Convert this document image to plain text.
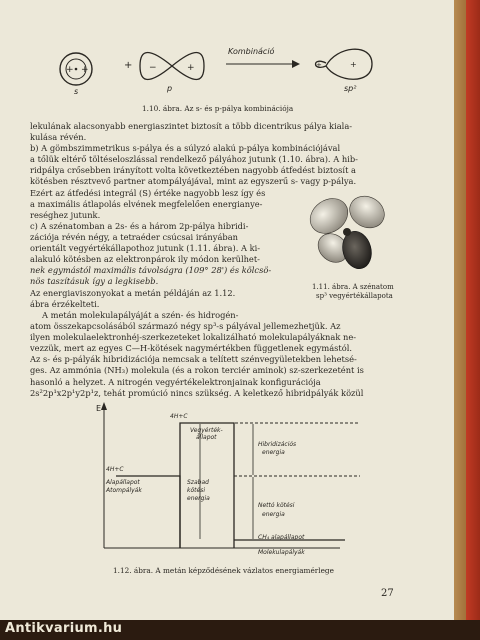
+ +	−	+	+	+
s
+
p
Kombináció
sp²
1.10. ábra. Az s- és p-pálya kombinációja
lekulának alacsonyabb energiaszintet biztosít a több dicentrikus pálya kiala-
kulása révén.
b) A gömbszimmetrikus s-pálya és a súlyzó alakú p-pálya kombinációjával
a tőlük eltérő töltéseloszlással rendelkező pályához jutunk (1.10. ábra). A hib-
ridpálya crősebben irányított volta következtében nagyobb átfedést biztosít a
kötésben résztvevő partner atompályájával, mint az egyszerű s- vagy p-pálya.
Ezért az átfedési integrál (S) értéke nagyobb lesz így és
a maximális átlapolás elvének megfelelően energianye-
reséghez jutunk.
c) A szénatomban a 2s- és a három 2p-pálya hibridi-
zációja révén négy, a tetraéder csúcsai irányában
orientált vegyértékállapothoz jutunk (1.11. ábra). A ki-
alakuló kötésben az elektronpárok ily módon kerülhet-
nek egymástól maximális távolságra (109° 28') és kölcsö-
nös taszításuk így a legkisebb.
Az energiaviszonyokat a metán példáján az 1.12.
ábra érzékelteti.
1.11. ábra. A szénatom
sp³ vegyértékállapota
A metán molekulapályáját a szén- és hidrogén-
atom összekapcsolásából származó négy sp³-s pályával jellemezhetjük. Az
ilyen molekulaelektronhéj-szerkezeteket lokalizálható molekulapályáknak ne-
vezzük, mert az egyes C—H-kötések nagymértékben függetlenek egymástól.
Az s- és p-pályák hibridizációja nemcsak a telített szénvegyületekben lehetsé-
ges. Az ammónia (NH₃) molekula (és a rokon terciér aminok) sz-szerkezetént is
hasonló a helyzet. A nitrogén vegyértékelektronjainak konfigurációja
2s²2p¹x2p¹y2p¹z, tehát promúció nincs szükség. A keletkező hibridpályák közül
E
4H+C
Vegyérték-
állapot
Hibridizációs
energia
4H+C
Alapállapot
Atompályák
Szabad
kötési
energia
Nettó kötési
energia
CH₄ alapállapot
Molekulapályák
1.12. ábra. A metán képződésének vázlatos energiamérlege
27
Antikvarium.hu
